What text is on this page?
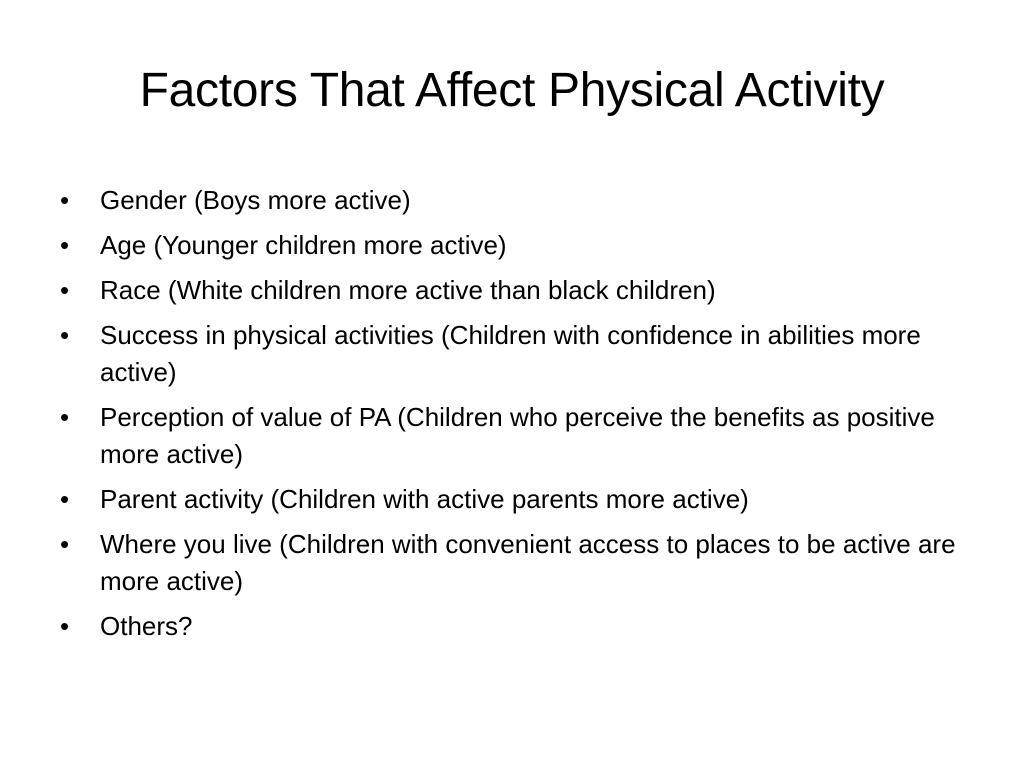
Factors That Affect Physical Activity
•	Gender (Boys more active)
•	Age (Younger children more active)
•	Race (White children more active than black children)
•	Success in physical activities (Children with confidence in abilities more active)
•	Perception of value of PA (Children who perceive the benefits as positive more active)
•	Parent activity (Children with active parents more active)
•	Where you live (Children with convenient access to places to be active are more active)
•	Others?
